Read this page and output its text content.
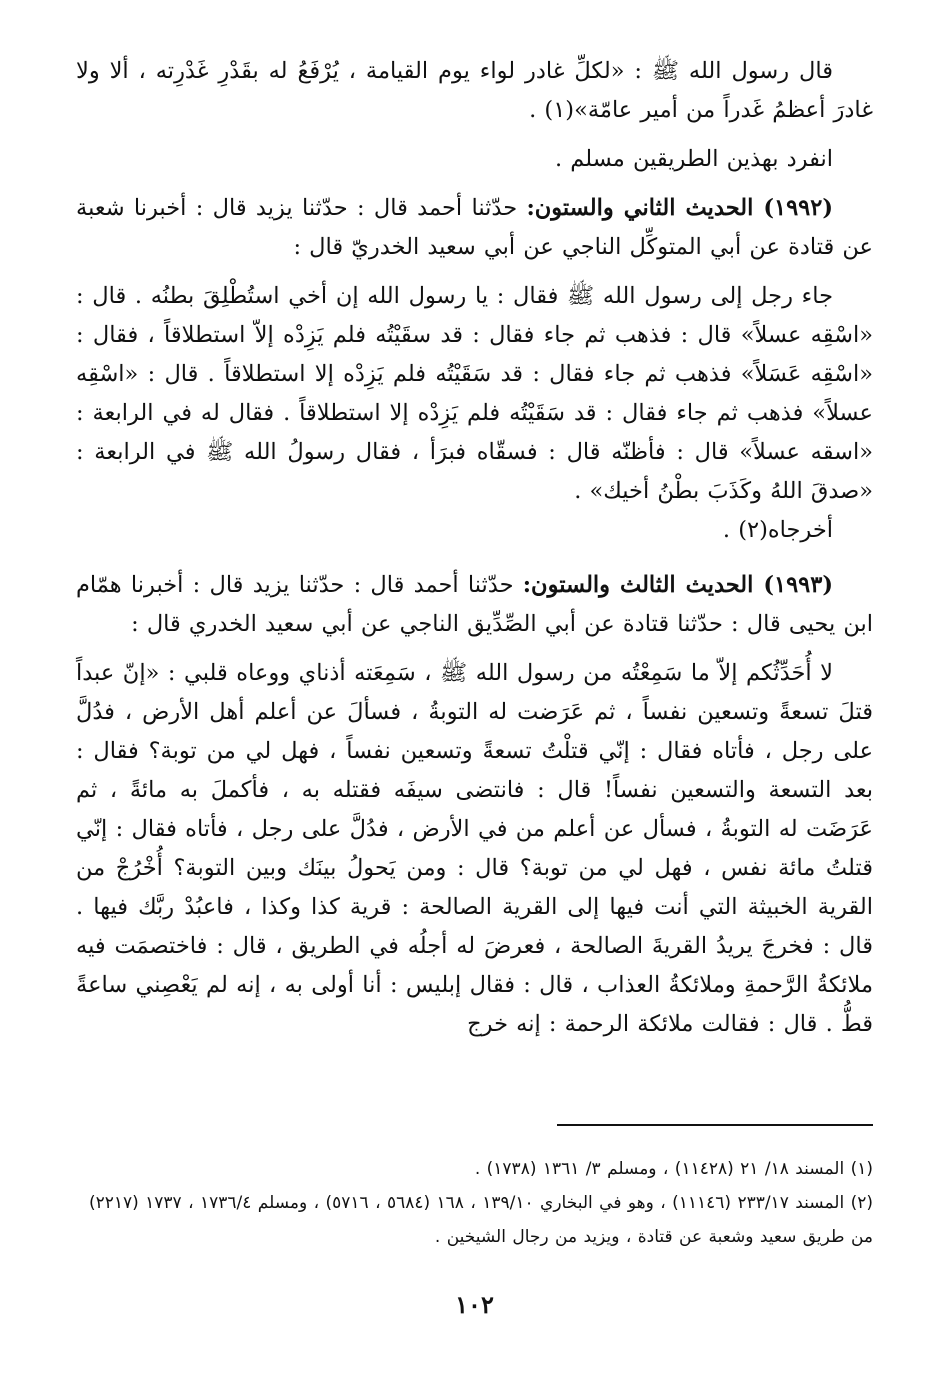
قال رسول الله ﷺ : «لكلِّ غادر لواء يوم القيامة ، يُرْفَعُ له بقَدْرِ غَدْرِته ، ألا ولا غادرَ أعظمُ غَدراً من أمير عامّة»(١) .

انفرد بهذين الطريقين مسلم .

(١٩٩٢) الحديث الثاني والستون: حدّثنا أحمد قال : حدّثنا يزيد قال : أخبرنا شعبة عن قتادة عن أبي المتوكِّل الناجي عن أبي سعيد الخدريّ قال :

جاء رجل إلى رسول الله ﷺ فقال : يا رسول الله إن أخي استُطْلِقَ بطنُه . قال : «اسْقِه عسلاً» قال : فذهب ثم جاء فقال : قد سقَيْتُه فلم يَزِدْه إلاّ استطلاقاً ، فقال : «اسْقِه عَسَلاً» فذهب ثم جاء فقال : قد سَقَيْتُه فلم يَزِدْه إلا استطلاقاً . قال : «اسْقِه عسلاً» فذهب ثم جاء فقال : قد سَقَيْتُه فلم يَزِدْه إلا استطلاقاً . فقال له في الرابعة : «اسقه عسلاً» قال : فأظنّه قال : فسقّاه فبرَأ ، فقال رسولُ الله ﷺ في الرابعة : «صدقَ اللهُ وكَذَبَ بطْنُ أخيك» .

أخرجاه(٢) .

(١٩٩٣) الحديث الثالث والستون: حدّثنا أحمد قال : حدّثنا يزيد قال : أخبرنا همّام ابن يحيى قال : حدّثنا قتادة عن أبي الصِّدِّيق الناجي عن أبي سعيد الخدري قال :

لا أُحَدِّثُكم إلاّ ما سَمِعْتُه من رسول الله ﷺ ، سَمِعَته أذناي ووعاه قلبي : «إنّ عبداً قتلَ تسعةً وتسعين نفساً ، ثم عَرَضت له التوبةُ ، فسألَ عن أعلم أهل الأرض ، فدُلَّ على رجل ، فأتاه فقال : إنّي قتلْتُ تسعةً وتسعين نفساً ، فهل لي من توبة؟ فقال : بعد التسعة والتسعين نفساً! قال : فانتضى سيفَه فقتله به ، فأكملَ به مائةً ، ثم عَرَضَت له التوبةُ ، فسأل عن أعلم من في الأرض ، فدُلَّ على رجل ، فأتاه فقال : إنّي قتلتُ مائة نفس ، فهل لي من توبة؟ قال : ومن يَحولُ بينَك وبين التوبة؟ أُخْرُجْ من القرية الخبيثة التي أنت فيها إلى القرية الصالحة : قرية كذا وكذا ، فاعبُدْ ربَّك فيها . قال : فخرجَ يريدُ القريةَ الصالحة ، فعرضَ له أجلُه في الطريق ، قال : فاختصمَت فيه ملائكةُ الرَّحمةِ وملائكةُ العذاب ، قال : فقال إبليس : أنا أولى به ، إنه لم يَعْصِني ساعةً قطُّ . قال : فقالت ملائكة الرحمة : إنه خرج

(١) المسند ١٨/ ٢١ (١١٤٢٨) ، ومسلم ٣/ ١٣٦١ (١٧٣٨) .

(٢) المسند ٢٣٣/١٧ (١١١٤٦) ، وهو في البخاري ١٣٩/١٠ ، ١٦٨ (٥٦٨٤ ، ٥٧١٦) ، ومسلم ١٧٣٦/٤ ، ١٧٣٧ (٢٢١٧) من طريق سعيد وشعبة عن قتادة ، ويزيد من رجال الشيخين .

١٠٢
